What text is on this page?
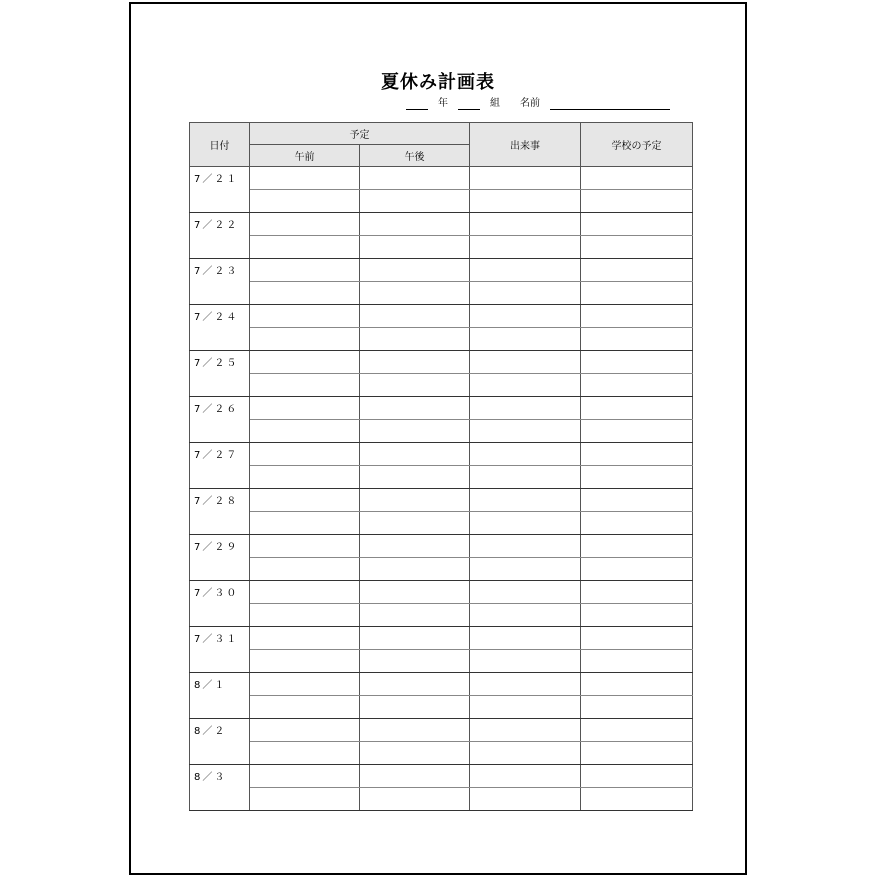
夏休み計画表
年	組 名前
日付	予定		出来事	学校の予定
	午前	午後		
7／２１				

7／２２				

7／２３				

7／２４				

7／２５				

7／２６				

7／２７				

7／２８				

7／２９				

7／３０				

7／３１				

8／１				

8／２				

8／３				
